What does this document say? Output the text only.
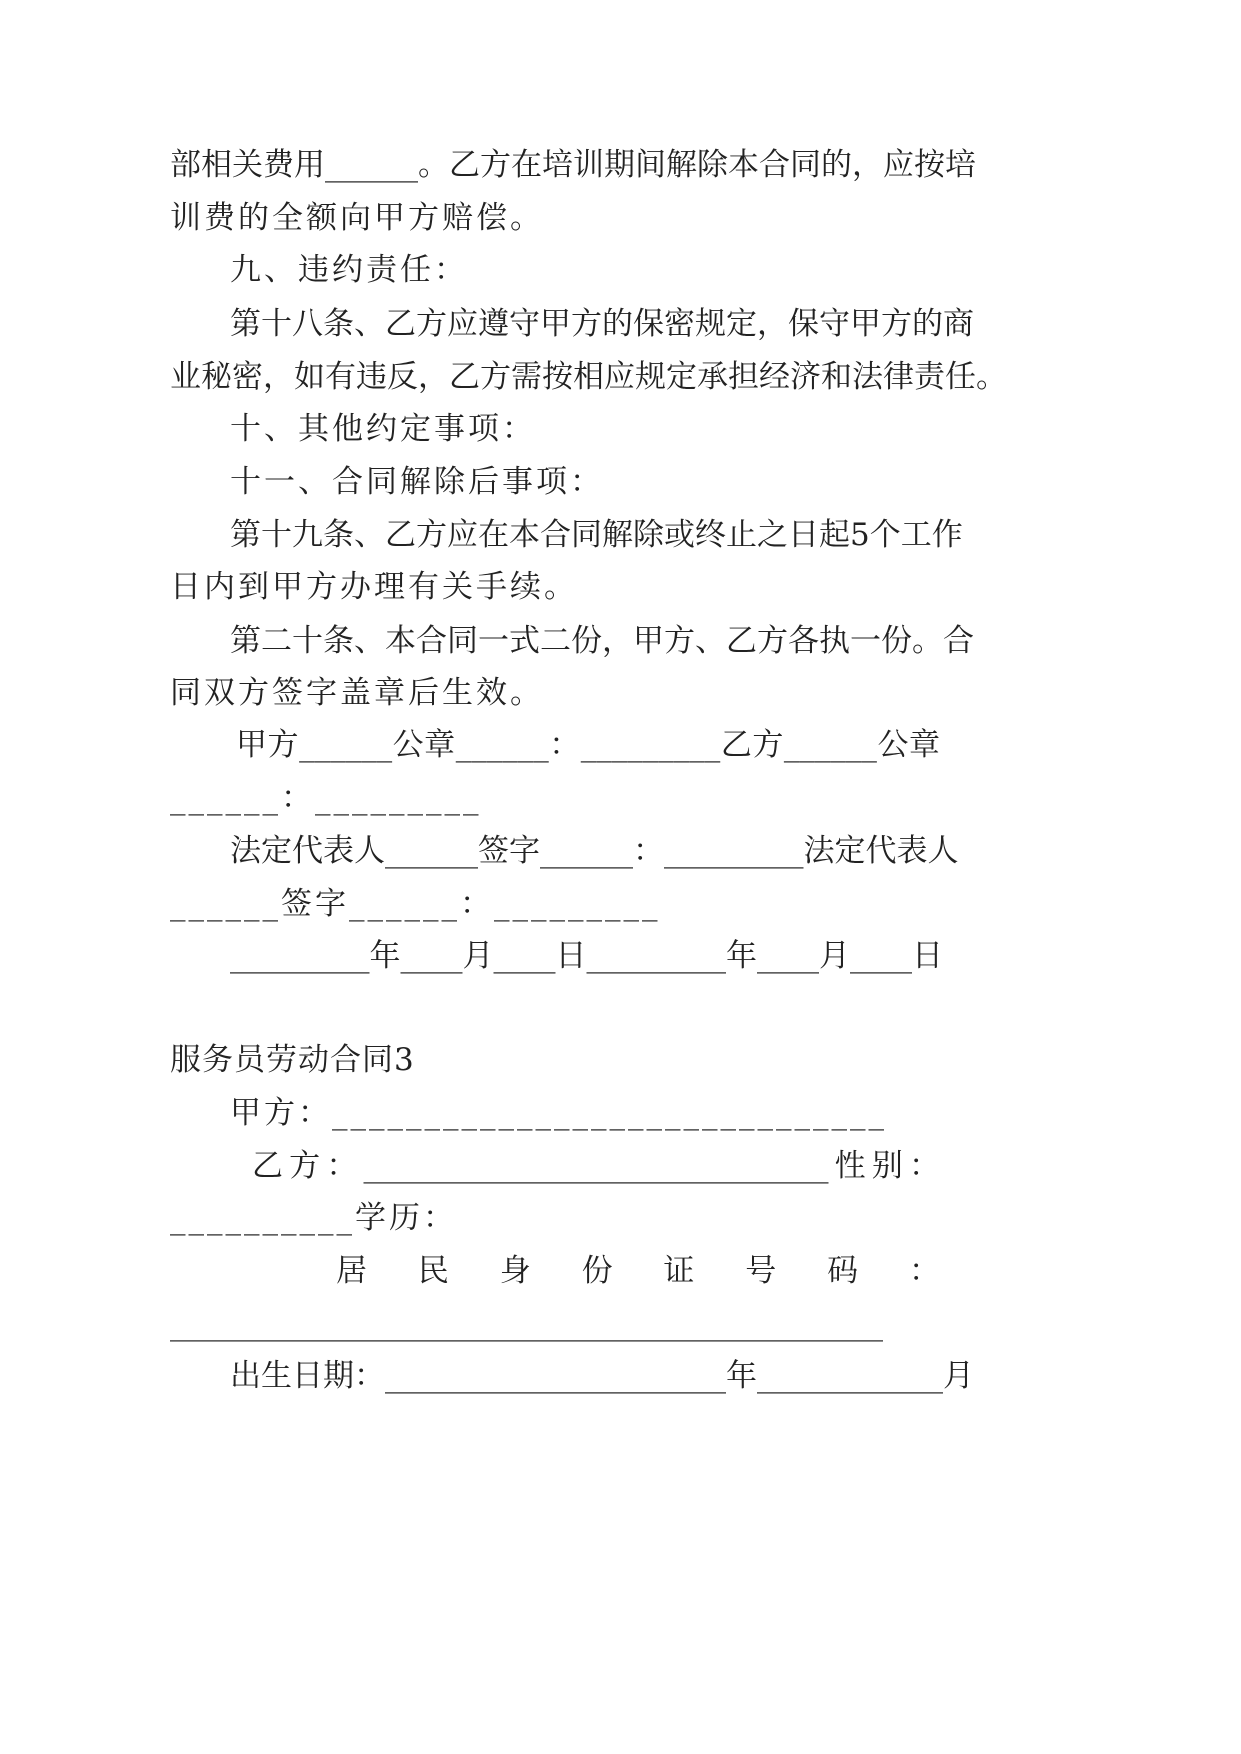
部相关费用______。乙方在培训期间解除本合同的，应按培
训费的全额向甲方赔偿。
九、违约责任：
第十八条、乙方应遵守甲方的保密规定，保守甲方的商
业秘密，如有违反，乙方需按相应规定承担经济和法律责任。
十、其他约定事项：
十一、合同解除后事项：
第十九条、乙方应在本合同解除或终止之日起5个工作
日内到甲方办理有关手续。
第二十条、本合同一式二份，甲方、乙方各执一份。合
同双方签字盖章后生效。
甲方______公章______：_________乙方______公章
______：_________
法定代表人______签字______：_________法定代表人
______签字______：_________
_________年____月____日_________年____月____日
服务员劳动合同3
甲方：______________________________
乙方：______________________________性别：
__________学历：
居民身份证号码：
______________________________________________
出生日期：______________________年____________月
